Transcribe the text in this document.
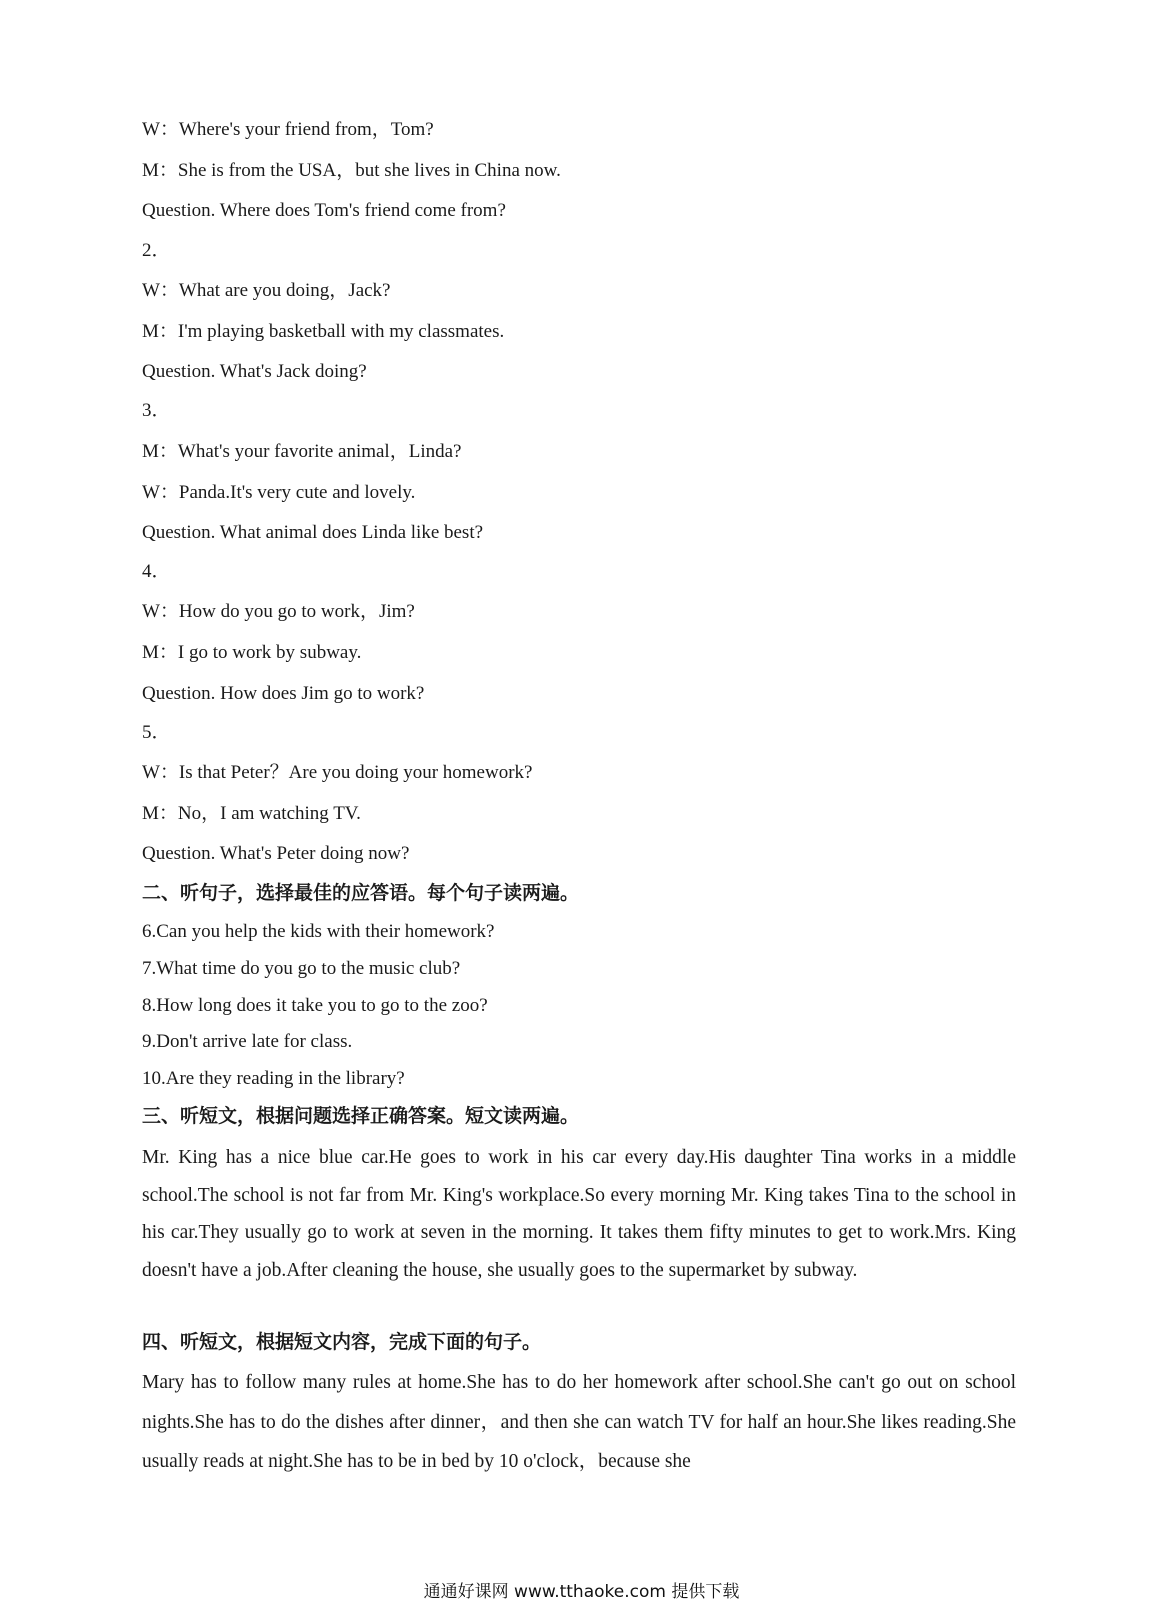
W：Where's your friend from，Tom?
M：She is from the USA，but she lives in China now.
Question. Where does Tom's friend come from?
2．
W：What are you doing，Jack?
M：I'm playing basketball with my classmates.
Question. What's Jack doing?
3．
M：What's your favorite animal，Linda?
W：Panda.It's very cute and lovely.
Question. What animal does Linda like best?
4．
W：How do you go to work，Jim?
M：I go to work by subway.
Question. How does Jim go to work?
5．
W：Is that Peter？Are you doing your homework?
M：No，I am watching TV.
Question. What's Peter doing now?
二、听句子，选择最佳的应答语。每个句子读两遍。
6.Can you help the kids with their homework?
7.What time do you go to the music club?
8.How long does it take you to go to the zoo?
9.Don't arrive late for class.
10.Are they reading in the library?
三、听短文，根据问题选择正确答案。短文读两遍。
Mr. King has a nice blue car.He goes to work in his car every day.His daughter Tina works in a middle school.The school is not far from Mr. King's workplace.So every morning Mr. King takes Tina to the school in his car.They usually go to work at seven in the morning. It takes them fifty minutes to get to work.Mrs. King doesn't have a job.After cleaning the house, she usually goes to the supermarket by subway.
四、听短文，根据短文内容，完成下面的句子。
Mary has to follow many rules at home.She has to do her homework after school.She can't go out on school nights.She has to do the dishes after dinner，and then she can watch TV for half an hour.She likes reading.She usually reads at night.She has to be in bed by 10 o'clock，because she
通通好课网 www.tthaoke.com 提供下载
